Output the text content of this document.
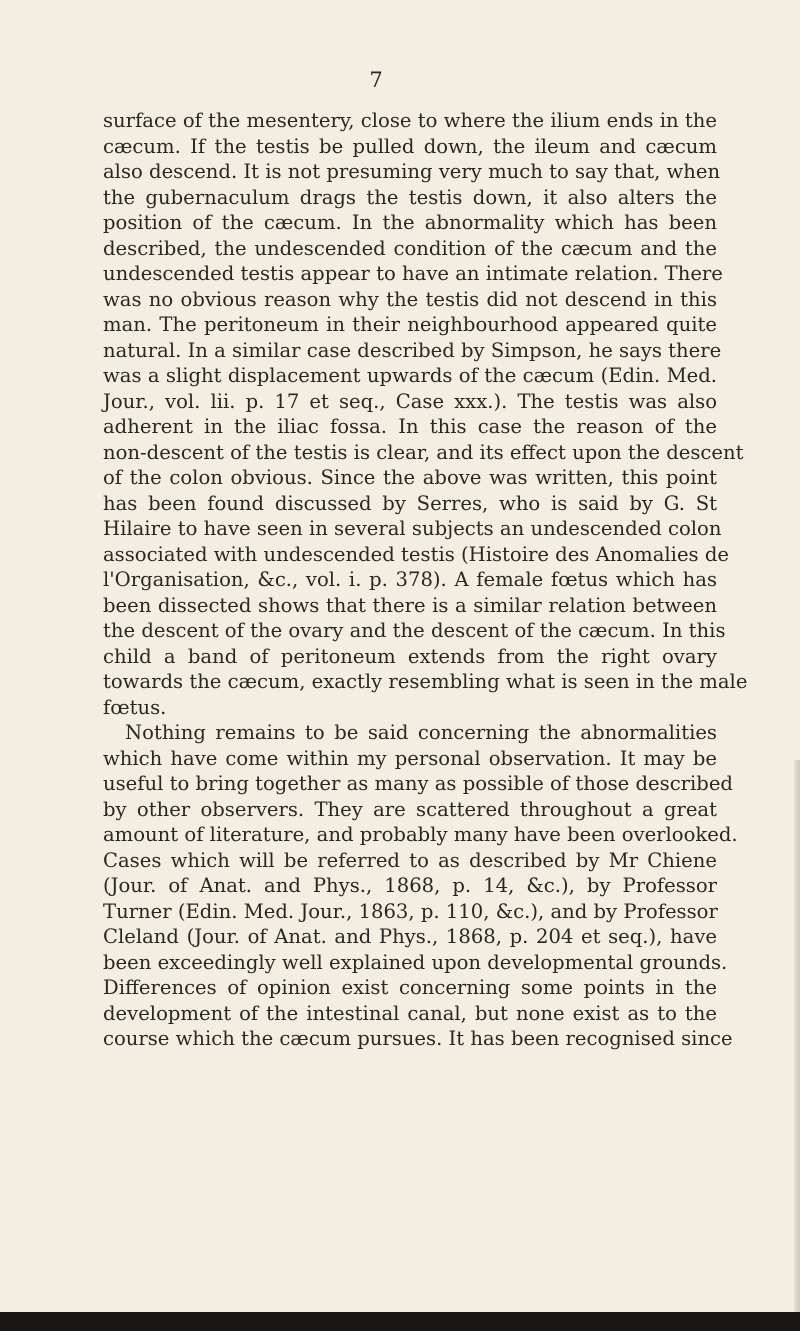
7

surface of the mesentery, close to where the ilium ends in the
cæcum. If the testis be pulled down, the ileum and cæcum
also descend. It is not presuming very much to say that, when
the gubernaculum drags the testis down, it also alters the
position of the cæcum. In the abnormality which has been
described, the undescended condition of the cæcum and the
undescended testis appear to have an intimate relation. There
was no obvious reason why the testis did not descend in this
man. The peritoneum in their neighbourhood appeared quite
natural. In a similar case described by Simpson, he says there
was a slight displacement upwards of the cæcum (Edin. Med.
Jour., vol. lii. p. 17 et seq., Case xxx.). The testis was also
adherent in the iliac fossa. In this case the reason of the
non-descent of the testis is clear, and its effect upon the descent
of the colon obvious. Since the above was written, this point
has been found discussed by Serres, who is said by G. St
Hilaire to have seen in several subjects an undescended colon
associated with undescended testis (Histoire des Anomalies de
l'Organisation, &c., vol. i. p. 378). A female fœtus which has
been dissected shows that there is a similar relation between
the descent of the ovary and the descent of the cæcum. In this
child a band of peritoneum extends from the right ovary
towards the cæcum, exactly resembling what is seen in the male
fœtus.

Nothing remains to be said concerning the abnormalities
which have come within my personal observation. It may be
useful to bring together as many as possible of those described
by other observers. They are scattered throughout a great
amount of literature, and probably many have been overlooked.
Cases which will be referred to as described by Mr Chiene
(Jour. of Anat. and Phys., 1868, p. 14, &c.), by Professor
Turner (Edin. Med. Jour., 1863, p. 110, &c.), and by Professor
Cleland (Jour. of Anat. and Phys., 1868, p. 204 et seq.), have
been exceedingly well explained upon developmental grounds.
Differences of opinion exist concerning some points in the
development of the intestinal canal, but none exist as to the
course which the cæcum pursues. It has been recognised since
